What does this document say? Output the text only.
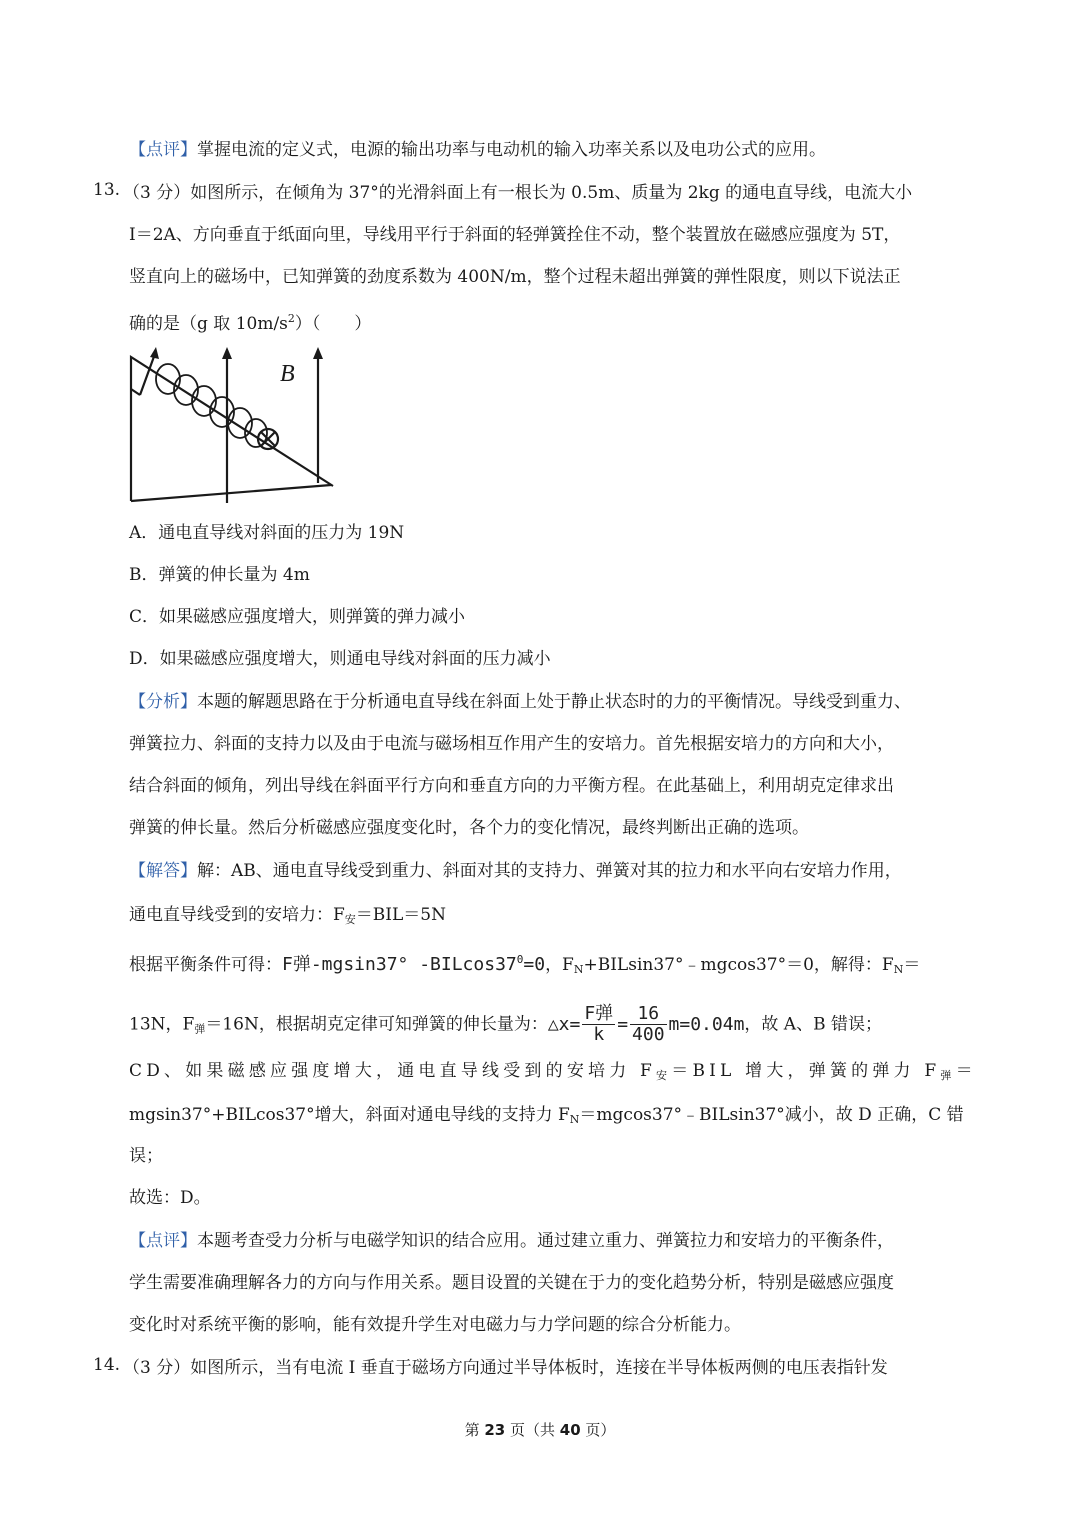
【点评】掌握电流的定义式，电源的输出功率与电动机的输入功率关系以及电功公式的应用。
13. （3 分）如图所示，在倾角为 37°的光滑斜面上有一根长为 0.5m、质量为 2kg 的通电直导线，电流大小
I＝2A、方向垂直于纸面向里，导线用平行于斜面的轻弹簧拴住不动，整个装置放在磁感应强度为 5T，
竖直向上的磁场中，已知弹簧的劲度系数为 400N/m，整个过程未超出弹簧的弹性限度，则以下说法正
确的是（g 取 $10m/s^2$）（　　）
B
A．通电直导线对斜面的压力为 19N
B．弹簧的伸长量为 4m
C．如果磁感应强度增大，则弹簧的弹力减小
D．如果磁感应强度增大，则通电导线对斜面的压力减小
【分析】本题的解题思路在于分析通电直导线在斜面上处于静止状态时的力的平衡情况。导线受到重力、
弹簧拉力、斜面的支持力以及由于电流与磁场相互作用产生的安培力。首先根据安培力的方向和大小，
结合斜面的倾角，列出导线在斜面平行方向和垂直方向的力平衡方程。在此基础上，利用胡克定律求出
弹簧的伸长量。然后分析磁感应强度变化时，各个力的变化情况，最终判断出正确的选项。
【解答】解：AB、通电直导线受到重力、斜面对其的支持力、弹簧对其的拉力和水平向右安培力作用，
通电直导线受到的安培力：$F_安=BIL=5N$
根据平衡条件可得：F弹-mgsin37° $-BILcos37^0=0$，$F_N+BILsin37^\circ﹣mgcos37^\circ=0$，解得：$F_N=$
13N，$F_弹=16N$，根据胡克定律可知弹簧的伸长量为：△x= $\frac{\text{F弹}}{k} = \frac{16}{400} m=0.04m$，故 A、B 错误；
CD、如果磁感应强度增大，通电直导线受到的安培力 $F_安=BIL$ 增大，弹簧的弹力 $F_弹=$
mgsin37°+BILcos37°增大，斜面对通电导线的支持力 $F_N=mgcos37^\circ﹣BILsin37^\circ$减小，故 D 正确，C 错
误；
故选：D。
【点评】本题考查受力分析与电磁学知识的结合应用。通过建立重力、弹簧拉力和安培力的平衡条件，
学生需要准确理解各力的方向与作用关系。题目设置的关键在于力的变化趋势分析，特别是磁感应强度
变化时对系统平衡的影响，能有效提升学生对电磁力与力学问题的综合分析能力。
14. （3 分）如图所示，当有电流 I 垂直于磁场方向通过半导体板时，连接在半导体板两侧的电压表指针发
第 23 页（共 40 页）
